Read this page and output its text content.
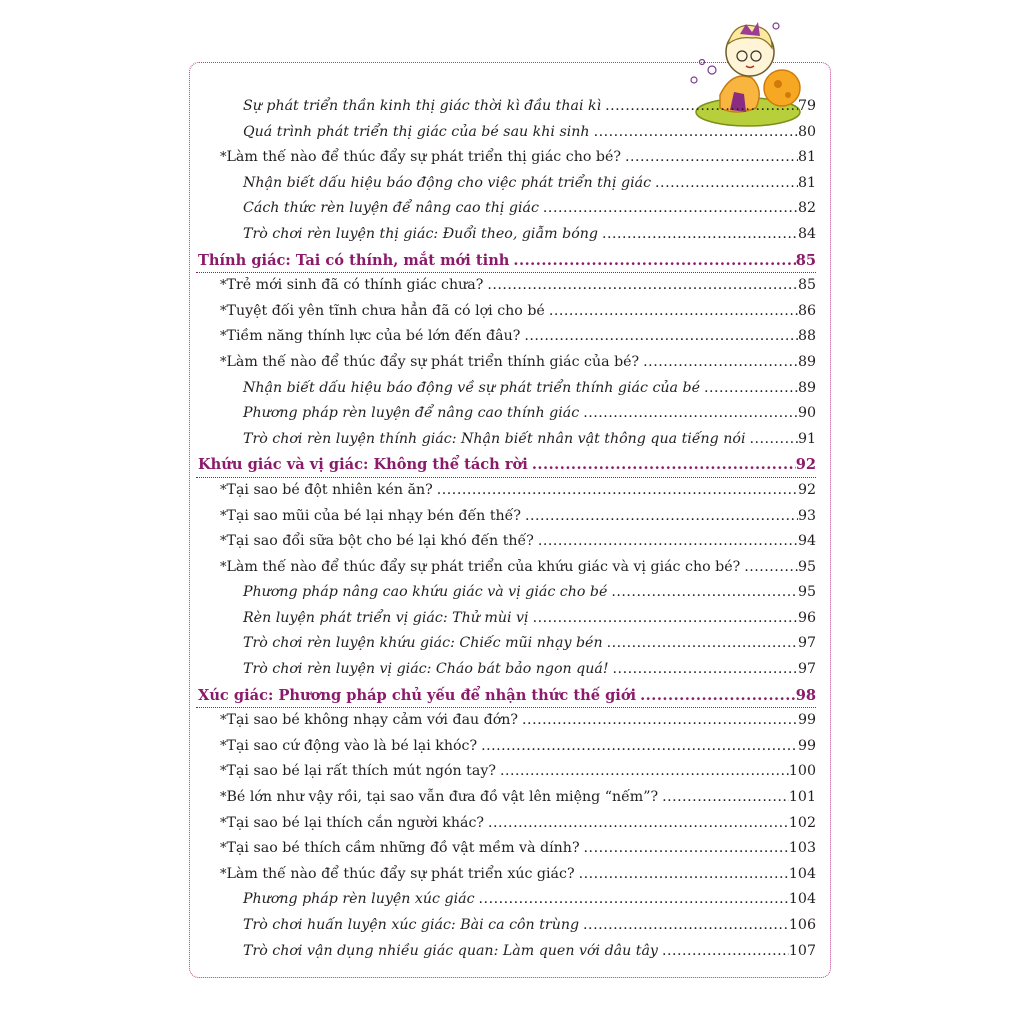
Sự phát triển thần kinh thị giác thời kì đầu thai kì .....	79
Quá trình phát triển thị giác của bé sau khi sinh .....	80
* Làm thế nào để thúc đẩy sự phát triển thị giác cho bé? .....	81
Nhận biết dấu hiệu báo động cho việc phát triển thị giác .....	81
Cách thức rèn luyện để nâng cao thị giác .....	82
Trò chơi rèn luyện thị giác: Đuổi theo, giẫm bóng .....	84
Thính giác: Tai có thính, mắt mới tinh .....	85
* Trẻ mới sinh đã có thính giác chưa? .....	85
* Tuyệt đối yên tĩnh chưa hẳn đã có lợi cho bé .....	86
* Tiềm năng thính lực của bé lớn đến đâu? .....	88
* Làm thế nào để thúc đẩy sự phát triển thính giác của bé? .....	89
Nhận biết dấu hiệu báo động về sự phát triển thính giác của bé .....	89
Phương pháp rèn luyện để nâng cao thính giác .....	90
Trò chơi rèn luyện thính giác: Nhận biết nhân vật thông qua tiếng nói .....	91
Khứu giác và vị giác: Không thể tách rời .....	92
* Tại sao bé đột nhiên kén ăn? .....	92
* Tại sao mũi của bé lại nhạy bén đến thế? .....	93
* Tại sao đổi sữa bột cho bé lại khó đến thế? .....	94
* Làm thế nào để thúc đẩy sự phát triển của khứu giác và vị giác cho bé? .....	95
Phương pháp nâng cao khứu giác và vị giác cho bé .....	95
Rèn luyện phát triển vị giác: Thử mùi vị .....	96
Trò chơi rèn luyện khứu giác: Chiếc mũi nhạy bén .....	97
Trò chơi rèn luyện vị giác: Cháo bát bảo ngon quá! .....	97
Xúc giác: Phương pháp chủ yếu để nhận thức thế giới .....	98
* Tại sao bé không nhạy cảm với đau đớn? .....	99
* Tại sao cứ động vào là bé lại khóc? .....	99
* Tại sao bé lại rất thích mút ngón tay? .....	100
* Bé lớn như vậy rồi, tại sao vẫn đưa đồ vật lên miệng “nếm”? .....	101
* Tại sao bé lại thích cắn người khác? .....	102
* Tại sao bé thích cầm những đồ vật mềm và dính? .....	103
* Làm thế nào để thúc đẩy sự phát triển xúc giác? .....	104
Phương pháp rèn luyện xúc giác .....	104
Trò chơi huấn luyện xúc giác: Bài ca côn trùng .....	106
Trò chơi vận dụng nhiều giác quan: Làm quen với dâu tây .....	107
